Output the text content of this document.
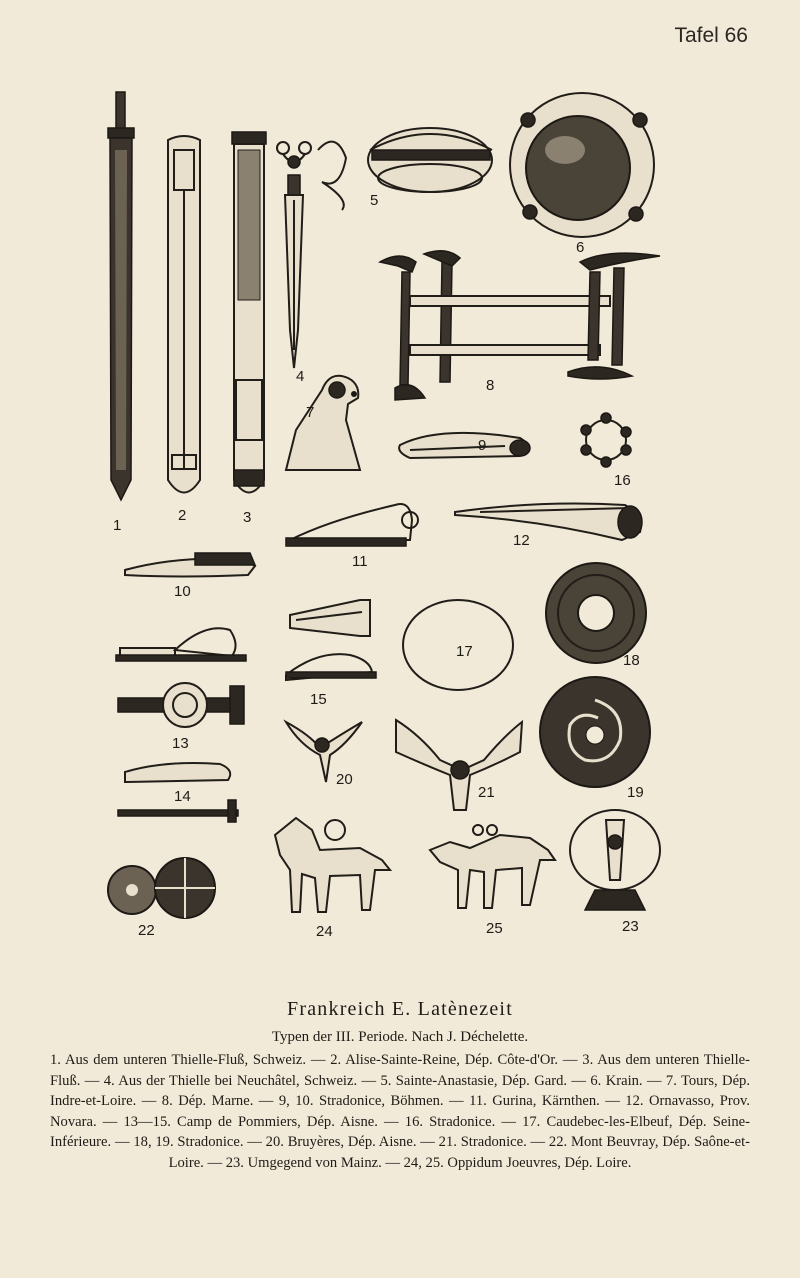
Tafel 66
1
2	3
4
5
6
7
8
9
10
11
12
13
14
15
16
17
18
19
20
21
22	23
24	25

Frankreich E. Latènezeit

Typen der III. Periode. Nach J. Déchelette.

1. Aus dem unteren Thielle-Fluß, Schweiz. — 2. Alise-Sainte-Reine, Dép. Côte-d'Or. — 3. Aus dem unteren Thielle-Fluß. — 4. Aus der Thielle bei Neuchâtel, Schweiz. — 5. Sainte-Anastasie, Dép. Gard. — 6. Krain. — 7. Tours, Dép. Indre-et-Loire. — 8. Dép. Marne. — 9, 10. Stradonice, Böhmen. — 11. Gurina, Kärnthen. — 12. Ornavasso, Prov. Novara. — 13—15. Camp de Pommiers, Dép. Aisne. — 16. Stradonice. — 17. Caudebec-les-Elbeuf, Dép. Seine-Inférieure. — 18, 19. Stradonice. — 20. Bruyères, Dép. Aisne. — 21. Stradonice. — 22. Mont Beuvray, Dép. Saône-et-Loire. — 23. Umgegend von Mainz. — 24, 25. Oppidum Joeuvres, Dép. Loire.
